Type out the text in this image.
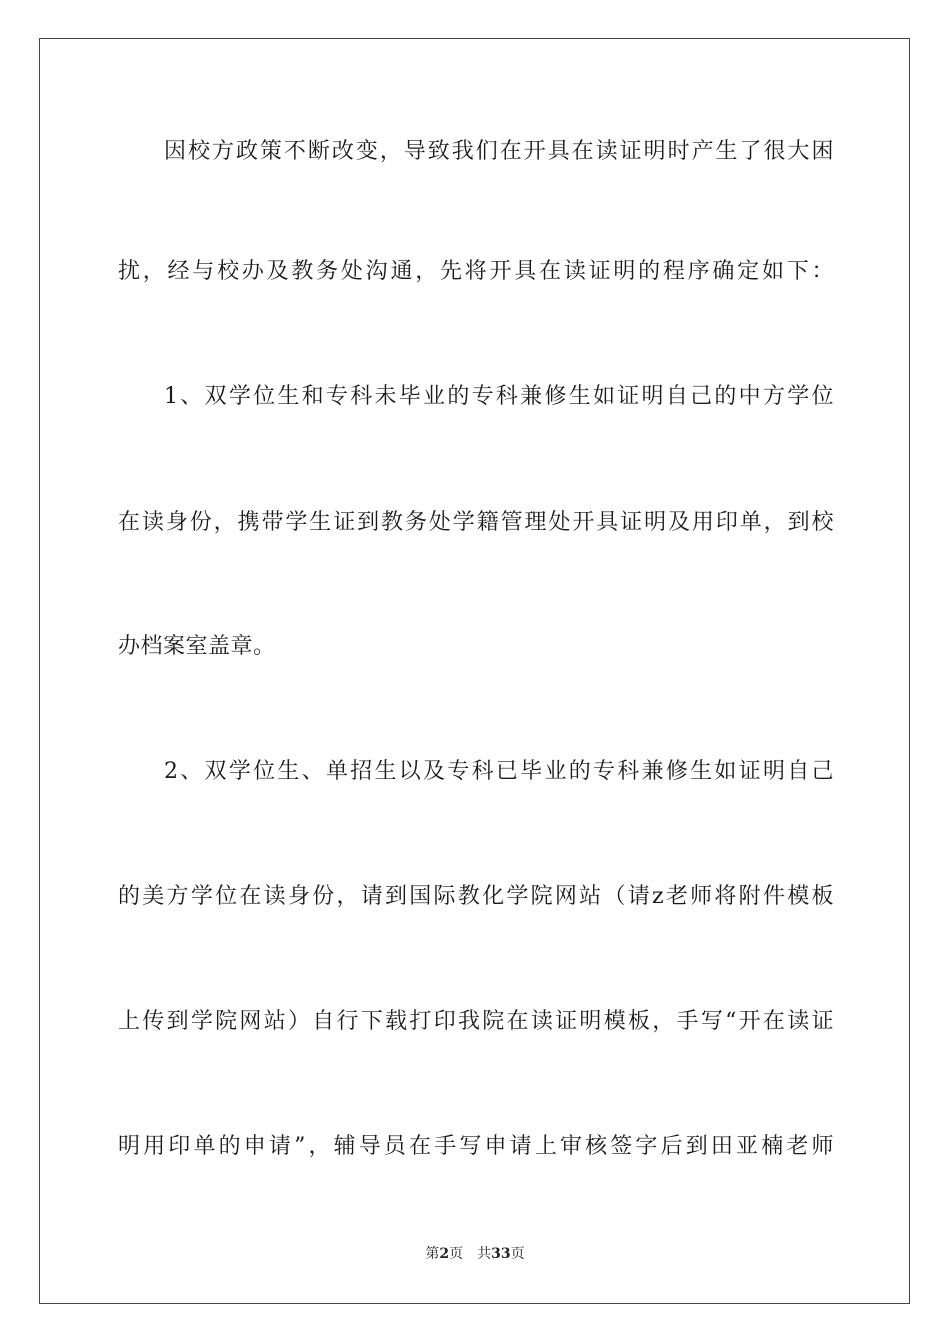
因校方政策不断改变，导致我们在开具在读证明时产生了很大困
扰，经与校办及教务处沟通，先将开具在读证明的程序确定如下：
1、双学位生和专科未毕业的专科兼修生如证明自己的中方学位
在读身份，携带学生证到教务处学籍管理处开具证明及用印单，到校
办档案室盖章。
2、双学位生、单招生以及专科已毕业的专科兼修生如证明自己
的美方学位在读身份，请到国际教化学院网站（请z老师将附件模板
上传到学院网站）自行下载打印我院在读证明模板，手写“开在读证
明用印单的申请”，辅导员在手写申请上审核签字后到田亚楠老师
第2页　共33页
